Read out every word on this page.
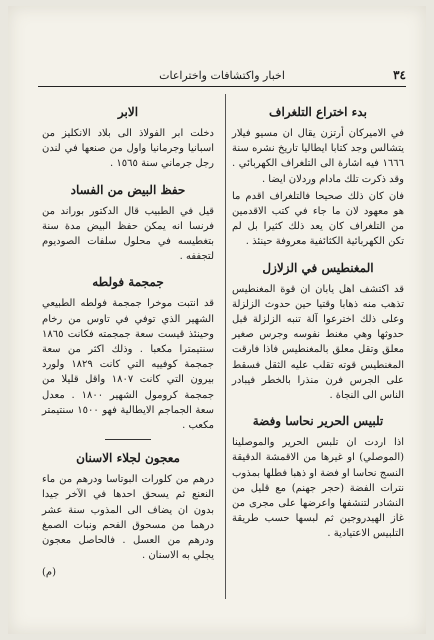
٣٤
اخبار واكتشافات واختراعات
بدء اختراع التلغراف

في الاميركان أرتزن يقال ان مسيو فيلار يتشالس وجد كتابا ايطاليا تاريخ نشره سنة ١٦٦٦ فيه اشارة الى التلغراف الكهربائي . وقد ذكرت تلك مادام وردلان ايضا .

فان كان ذلك صحيحا فالتلغراف اقدم ما هو معهود لان ما جاء في كتب الاقدمين من التلغراف كان يعد ذلك كثيرا بل لم تكن الكهربائية الكثائفية معروفة حينئذ .

المغنطيس في الزلازل

قد اكتشف اهل يابان ان قوة المغنطيس تذهب منه ذهابا وقتيا حين حدوث الزلزلة وعلى ذلك اخترعوا آلة تنبه الزلزلة قبل حدوثها وهي مغنط نفوسه وجرس صغير معلق وتقل معلق بالمغنطيس فاذا فارقت المغنطيس قوته تقلب عليه الثقل فسقط على الجرس فرن منذرا بالخطر فيبادر الناس الى النجاة .

تلبيس الحرير نحاسا وفضة

اذا اردت ان تلبس الحرير والموصلينا (الموصلي) او غيرها من الاقمشة الدقيقة النسج نحاسا او فضة او ذهبا فطلها بمذوب نترات الفضة (حجر جهنم) مع قليل من النشادر لتنشفها واعرضها على مجرى من غاز الهيدروجين ثم لبسها حسب طريقة التلبيس الاعتيادية .

الابر

دخلت ابر الفولاذ الى بلاد الانكليز من اسبانيا وجرمانيا واول من صنعها في لندن رجل جرماني سنة ١٥٦٥ .

حفظ البيض من الفساد

قيل في الطبيب قال الدكتور بوراند من فرنسا انه يمكن حفظ البيض مدة سنة بتغطيسه في محلول سلفات الصوديوم لتجففه .

جمجمة فولطه

قد انتبت موخرا جمجمة فولطه الطبيعي الشهير الذي توفي في تاوس من رخام وحينئذ قيست سعة جمجمته فكانت ١٨٦٥ سنتيمترا مكعبا . وذلك اكثر من سعة جمجمة كوفييه التي كانت ١٨٢٩ ولورد بيرون التي كانت ١٨٠٧ واقل قليلا من جمجمة كرومول الشهير ١٨٠٠ . معدل سعة الجماجم الايطالية فهو ١٥٠٠ سنتيمتر مكعب .

معجون لجلاء الاسنان

درهم من كلورات البوتاسا ودرهم من ماء النعنع ثم يسحق احدها في الآخر جيدا بدون ان يضاف الى المذوب سنة عشر درهما من مسحوق الفحم ونبات الصمغ ودرهم من العسل . فالحاصل معجون يجلي به الاسنان .

(م)
